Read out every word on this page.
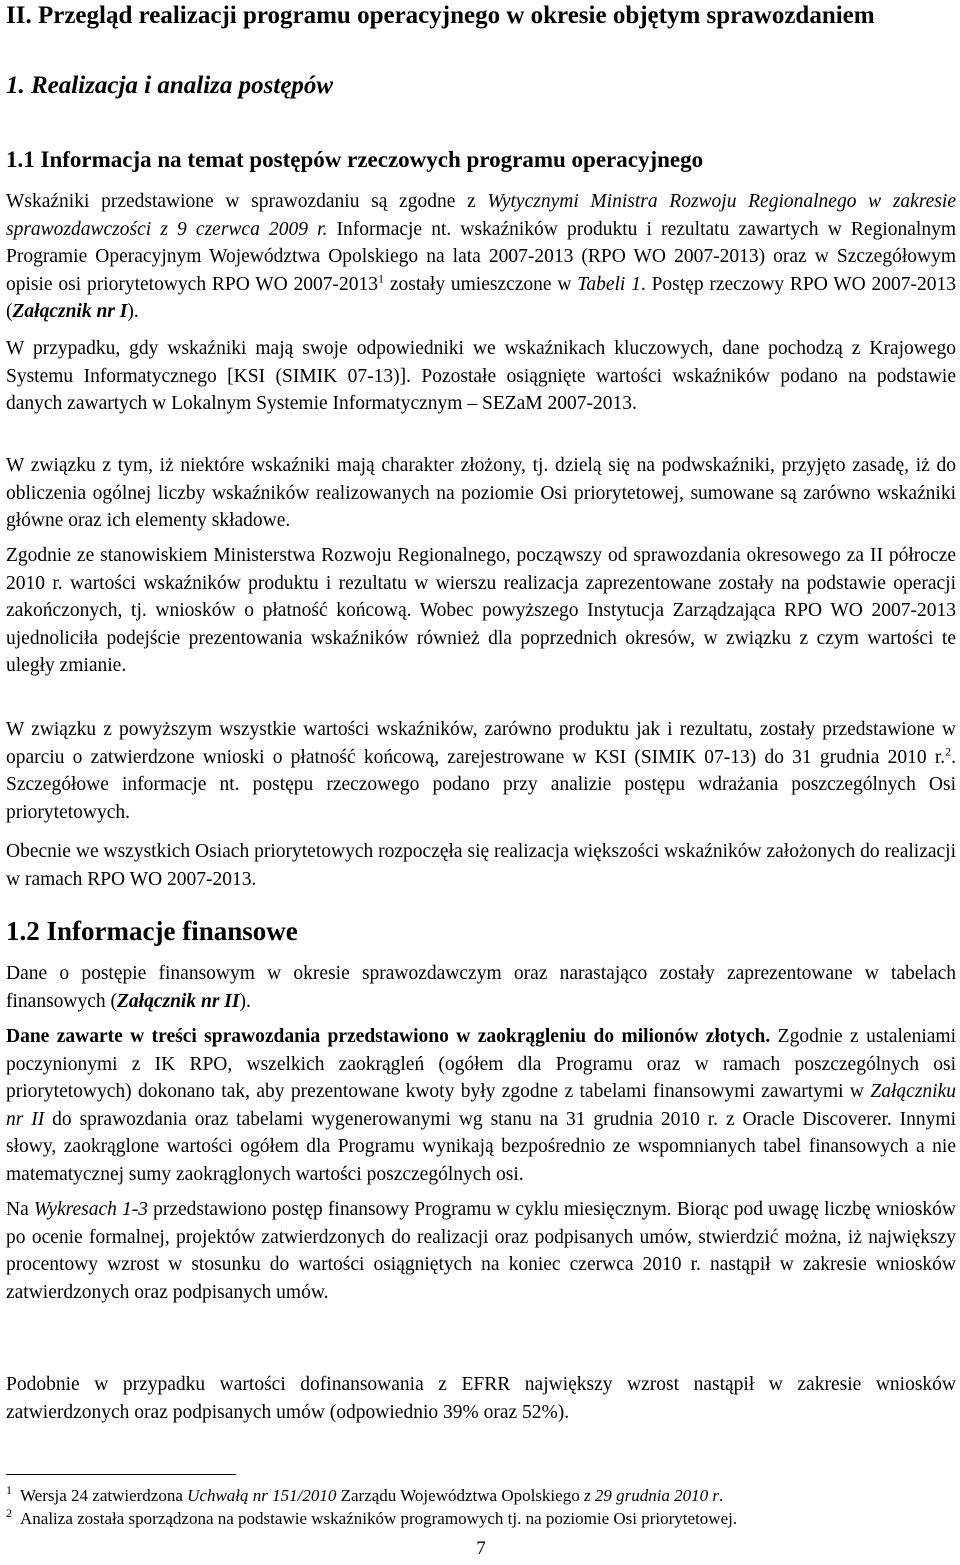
II. Przegląd realizacji programu operacyjnego w okresie objętym sprawozdaniem
1. Realizacja i analiza postępów
1.1 Informacja na temat postępów rzeczowych programu operacyjnego

Wskaźniki przedstawione w sprawozdaniu są zgodne z Wytycznymi Ministra Rozwoju Regionalnego w zakresie sprawozdawczości z 9 czerwca 2009 r. Informacje nt. wskaźników produktu i rezultatu zawartych w Regionalnym Programie Operacyjnym Województwa Opolskiego na lata 2007-2013 (RPO WO 2007-2013) oraz w Szczegółowym opisie osi priorytetowych RPO WO 2007-2013$^1$ zostały umieszczone w Tabeli 1. Postęp rzeczowy RPO WO 2007-2013 (Załącznik nr I).

W przypadku, gdy wskaźniki mają swoje odpowiedniki we wskaźnikach kluczowych, dane pochodzą z Krajowego Systemu Informatycznego [KSI (SIMIK 07-13)]. Pozostałe osiągnięte wartości wskaźników podano na podstawie danych zawartych w Lokalnym Systemie Informatycznym – SEZaM 2007-2013.

W związku z tym, iż niektóre wskaźniki mają charakter złożony, tj. dzielą się na podwskaźniki, przyjęto zasadę, iż do obliczenia ogólnej liczby wskaźników realizowanych na poziomie Osi priorytetowej, sumowane są zarówno wskaźniki główne oraz ich elementy składowe.

Zgodnie ze stanowiskiem Ministerstwa Rozwoju Regionalnego, począwszy od sprawozdania okresowego za II półrocze 2010 r. wartości wskaźników produktu i rezultatu w wierszu realizacja zaprezentowane zostały na podstawie operacji zakończonych, tj. wniosków o płatność końcową. Wobec powyższego Instytucja Zarządzająca RPO WO 2007-2013 ujednoliciła podejście prezentowania wskaźników również dla poprzednich okresów, w związku z czym wartości te uległy zmianie.

W związku z powyższym wszystkie wartości wskaźników, zarówno produktu jak i rezultatu, zostały przedstawione w oparciu o zatwierdzone wnioski o płatność końcową, zarejestrowane w KSI (SIMIK 07-13) do 31 grudnia 2010 r.$^2$. Szczegółowe informacje nt. postępu rzeczowego podano przy analizie postępu wdrażania poszczególnych Osi priorytetowych.

Obecnie we wszystkich Osiach priorytetowych rozpoczęła się realizacja większości wskaźników założonych do realizacji w ramach RPO WO 2007-2013.

1.2 Informacje finansowe

Dane o postępie finansowym w okresie sprawozdawczym oraz narastająco zostały zaprezentowane w tabelach finansowych (Załącznik nr II).

Dane zawarte w treści sprawozdania przedstawiono w zaokrągleniu do milionów złotych. Zgodnie z ustaleniami poczynionymi z IK RPO, wszelkich zaokrągleń (ogółem dla Programu oraz w ramach poszczególnych osi priorytetowych) dokonano tak, aby prezentowane kwoty były zgodne z tabelami finansowymi zawartymi w Załączniku nr II do sprawozdania oraz tabelami wygenerowanymi wg stanu na 31 grudnia 2010 r. z Oracle Discoverer. Innymi słowy, zaokrąglone wartości ogółem dla Programu wynikają bezpośrednio ze wspomnianych tabel finansowych a nie matematycznej sumy zaokrąglonych wartości poszczególnych osi.

Na Wykresach 1-3 przedstawiono postęp finansowy Programu w cyklu miesięcznym. Biorąc pod uwagę liczbę wniosków po ocenie formalnej, projektów zatwierdzonych do realizacji oraz podpisanych umów, stwierdzić można, iż największy procentowy wzrost w stosunku do wartości osiągniętych na koniec czerwca 2010 r. nastąpił w zakresie wniosków zatwierdzonych oraz podpisanych umów.

Podobnie w przypadku wartości dofinansowania z EFRR największy wzrost nastąpił w zakresie wniosków zatwierdzonych oraz podpisanych umów (odpowiednio 39% oraz 52%).

$^1$ Wersja 24 zatwierdzona Uchwałą nr 151/2010 Zarządu Województwa Opolskiego z 29 grudnia 2010 r.

$^2$ Analiza została sporządzona na podstawie wskaźników programowych tj. na poziomie Osi priorytetowej.

7
